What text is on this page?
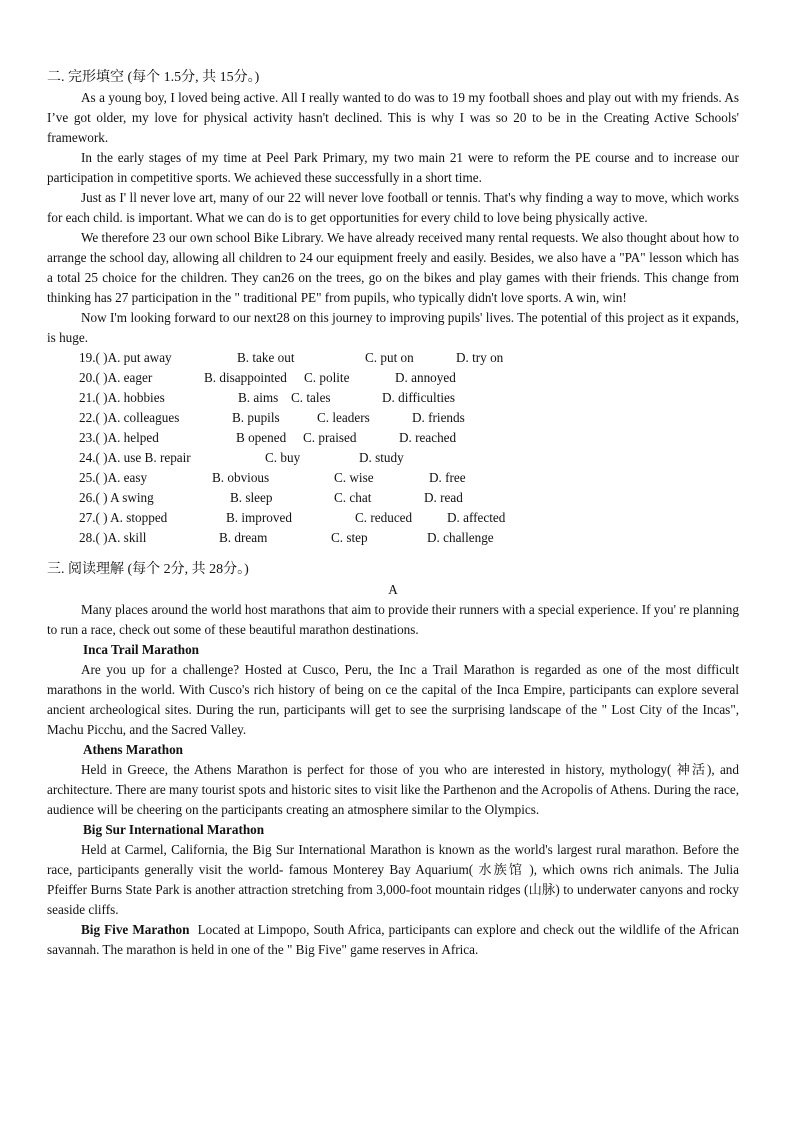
二. 完形填空 (每个 1.5分, 共 15分。)

As a young boy, I loved being active. All I really wanted to do was to 19 my football shoes and play out with my friends. As I’ve got older, my love for physical activity hasn't declined. This is why I was so 20 to be in the Creating Active Schools' framework.

In the early stages of my time at Peel Park Primary, my two main 21 were to reform the PE course and to increase our participation in competitive sports. We achieved these successfully in a short time.

Just as I' ll never love art, many of our 22 will never love football or tennis. That's why finding a way to move, which works for each child. is important. What we can do is to get opportunities for every child to love being physically active.

We therefore 23 our own school Bike Library. We have already received many rental requests. We also thought about how to arrange the school day, allowing all children to 24 our equipment freely and easily. Besides, we also have a "PA" lesson which has a total 25 choice for the children. They can26 on the trees, go on the bikes and play games with their friends. This change from thinking has 27 participation in the " traditional PE" from pupils, who typically didn't love sports. A win, win!

Now I'm looking forward to our next28 on this journey to improving pupils' lives. The potential of this project as it expands, is huge.

19.( )A. put away	B. take out	C. put on	D. try on
20.( )A. eager	B. disappointed C. polite	D. annoyed
21.( )A. hobbies	B. aims C. tales	D. difficulties
22.( )A. colleagues	B. pupils	C. leaders	D. friends
23.( )A. helped	B opened C. praised	D. reached
24.( )A. use B. repair	C. buy	D. study
25.( )A. easy	B. obvious	C. wise	D. free
26.( ) A swing	B. sleep	C. chat	D. read
27.( ) A. stopped	B. improved	C. reduced	D. affected
28.( )A. skill	B. dream	C. step	D. challenge

三. 阅读理解 (每个 2分, 共 28分。)

A

Many places around the world host marathons that aim to provide their runners with a special experience. If you' re planning to run a race, check out some of these beautiful marathon destinations.

Inca Trail Marathon

Are you up for a challenge? Hosted at Cusco, Peru, the Inc a Trail Marathon is regarded as one of the most difficult marathons in the world. With Cusco's rich history of being on ce the capital of the Inca Empire, participants can explore several ancient archeological sites. During the run, participants will get to see the surprising landscape of the " Lost City of the Incas", Machu Picchu, and the Sacred Valley.

Athens Marathon

Held in Greece, the Athens Marathon is perfect for those of you who are interested in history, mythology( 神活), and architecture. There are many tourist spots and historic sites to visit like the Parthenon and the Acropolis of Athens. During the race, audience will be cheering on the participants creating an atmosphere similar to the Olympics.

Big Sur International Marathon

Held at Carmel, California, the Big Sur International Marathon is known as the world's largest rural marathon. Before the race, participants generally visit the world- famous Monterey Bay Aquarium( 水族馆 ), which owns rich animals. The Julia Pfeiffer Burns State Park is another attraction stretching from 3,000-foot mountain ridges (山脉) to underwater canyons and rocky seaside cliffs.

Big Five Marathon Located at Limpopo, South Africa, participants can explore and check out the wildlife of the African savannah. The marathon is held in one of the " Big Five" game reserves in Africa.
